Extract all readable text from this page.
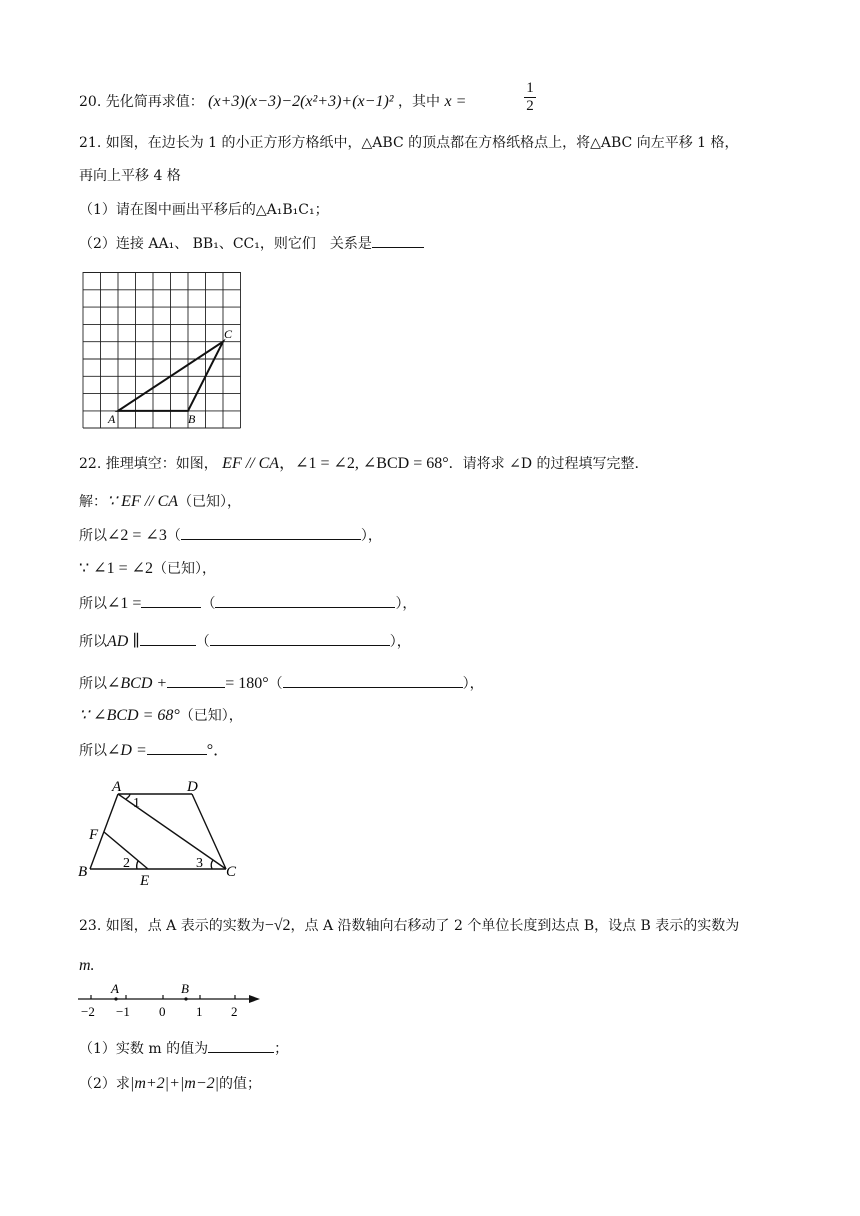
20. 先化简再求值： (x+3)(x−3)−2(x²+3)+(x−1)² ，其中 x =
1
2
21. 如图，在边长为 1 的小正方形方格纸中，△ABC 的顶点都在方格纸格点上，将△ABC 向左平移 1 格，
再向上平移 4 格
（1）请在图中画出平移后的△A₁B₁C₁；
（2）连接 AA₁、 BB₁、CC₁，则它们　关系是
A	B
C
22. 推理填空：如图， EF // CA，∠1 = ∠2, ∠BCD = 68°．请将求 ∠D 的过程填写完整.
解：∵ EF // CA（已知），
所以∠2 = ∠3（	），
∵ ∠1 = ∠2（已知），
所以∠1 =	（	），
所以AD ∥	（	），
所以∠BCD +	= 180°（	），
∵ ∠BCD = 68°（已知），
所以∠D =	°．
A	D
F
B
E
C
1
2	3
23. 如图，点 A 表示的实数为−√2，点 A 沿数轴向右移动了 2 个单位长度到达点 B，设点 B 表示的实数为
m.
A	B
−2 −1 0 1 2
（1）实数 m 的值为	；
（2）求|m+2|+|m−2|的值；
